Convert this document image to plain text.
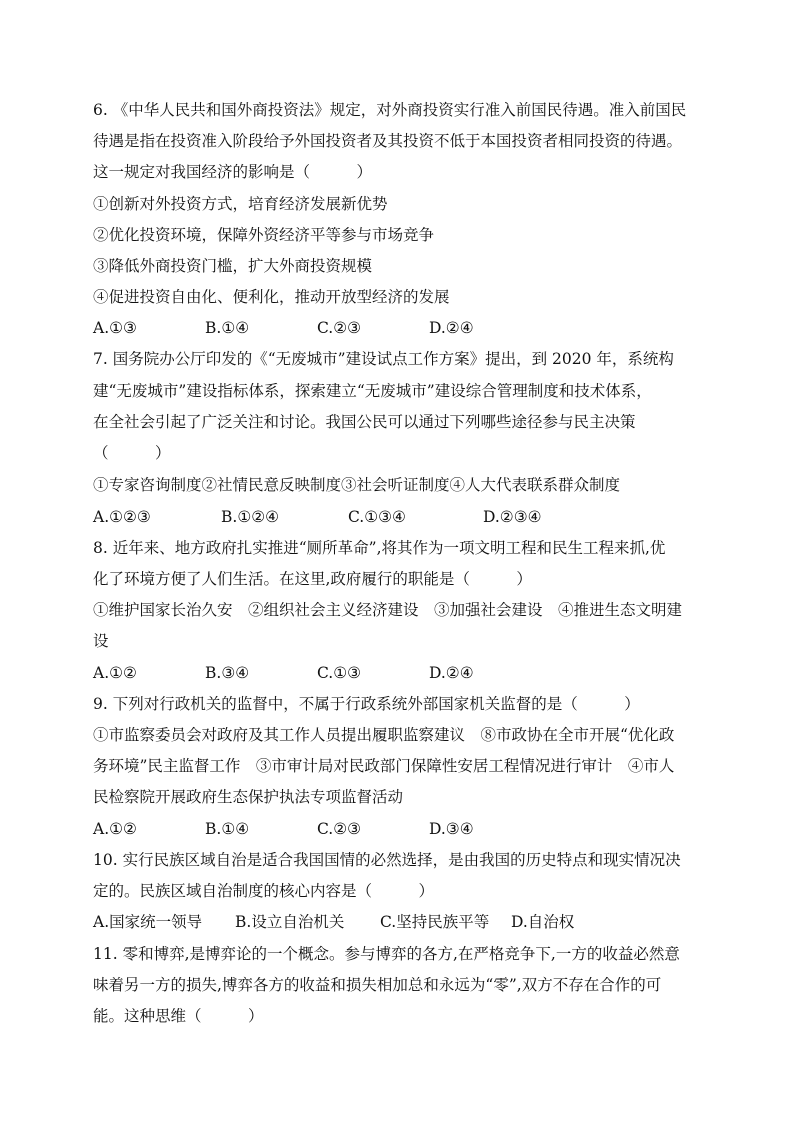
6. 《中华人民共和国外商投资法》规定，对外商投资实行准入前国民待遇。准入前国民
待遇是指在投资准入阶段给予外国投资者及其投资不低于本国投资者相同投资的待遇。
这一规定对我国经济的影响是（　　　）
①创新对外投资方式，培育经济发展新优势
②优化投资环境，保障外资经济平等参与市场竞争
③降低外商投资门槛，扩大外商投资规模
④促进投资自由化、便利化，推动开放型经济的发展
A.①③	B.①④	C.②③	D.②④
7. 国务院办公厅印发的《“无废城市”建设试点工作方案》提出，到 2020 年，系统构
建“无废城市”建设指标体系，探索建立“无废城市”建设综合管理制度和技术体系，
在全社会引起了广泛关注和讨论。我国公民可以通过下列哪些途径参与民主决策
（　　　）
①专家咨询制度②社情民意反映制度③社会听证制度④人大代表联系群众制度
A.①②③	B.①②④	C.①③④	D.②③④
8. 近年来、地方政府扎实推进“厕所革命”,将其作为一项文明工程和民生工程来抓,优
化了环境方便了人们生活。在这里,政府履行的职能是（　　　）
①维护国家长治久安　②组织社会主义经济建设　③加强社会建设　④推进生态文明建
设
A.①②	B.③④	C.①③	D.②④
9. 下列对行政机关的监督中，不属于行政系统外部国家机关监督的是（　　　）
①市监察委员会对政府及其工作人员提出履职监察建议　⑧市政协在全市开展“优化政
务环境”民主监督工作　③市审计局对民政部门保障性安居工程情况进行审计　④市人
民检察院开展政府生态保护执法专项监督活动
A.①②	B.①④	C.②③	D.③④
10. 实行民族区域自治是适合我国国情的必然选择，是由我国的历史特点和现实情况决
定的。民族区域自治制度的核心内容是（　　　）
A.国家统一领导 B.设立自治机关 C.坚持民族平等 D.自治权
11. 零和博弈,是博弈论的一个概念。参与博弈的各方,在严格竞争下,一方的收益必然意
味着另一方的损失,博弈各方的收益和损失相加总和永远为“零”,双方不存在合作的可
能。这种思维（　　　）
